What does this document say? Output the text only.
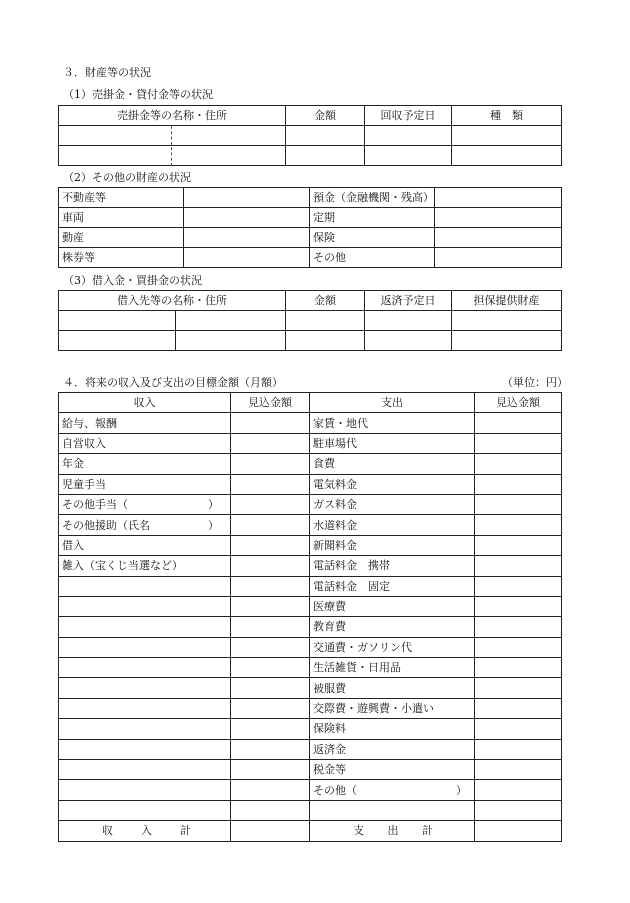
３．財産等の状況
（1）売掛金・貸付金等の状況
売掛金等の名称・住所	金額	回収予定日	種　類

（2）その他の財産の状況
不動産等		預金（金融機関・残高）	
車両		定期	
動産		保険	
株券等		その他	
（3）借入金・買掛金の状況
借入先等の名称・住所	金額	返済予定日	担保提供財産

４．将来の収入及び支出の目標金額（月額）	（単位：円）
収入	見込金額	支出	見込金額
給与、報酬		家賃・地代	
自営収入		駐車場代	
年金		食費	
児童手当		電気料金	

その他手当（ ）		ガス料金	

その他援助（氏名 ）		水道料金	
借入		新聞料金	
雑入（宝くじ当選など）		電話料金　携帯	
		電話料金　固定	
		医療費	
		教育費	
		交通費・ガソリン代	
		生活雑貨・日用品	
		被服費	
		交際費・遊興費・小遣い	
		保険料	
		返済金	
		税金等	

		その他（ ）	

収 入 計		支 出 計	
